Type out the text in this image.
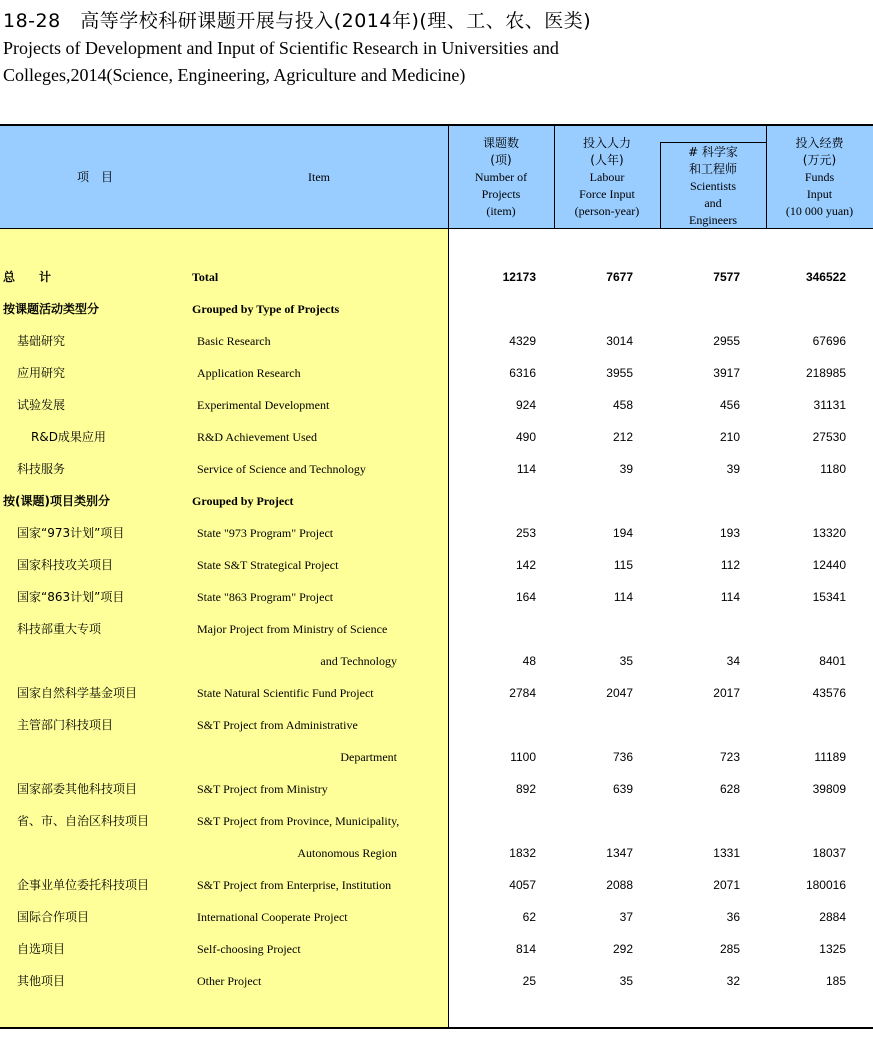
18-28　高等学校科研课题开展与投入(2014年)(理、工、农、医类)
Projects of Development and Input of Scientific Research in Universities and
Colleges,2014(Science, Engineering, Agriculture and Medicine)
项　目	Item
课题数
(项)
Number of
Projects
(item)
投入人力
(人年)
Labour
Force Input
(person-year)
# 科学家
和工程师
Scientists
and
Engineers
投入经费
(万元)
Funds
Input
(10 000 yuan)
总　　计	Total	12173	7677	7577	346522
按课题活动类型分	Grouped by Type of Projects
基础研究	Basic Research	4329	3014	2955	67696
应用研究	Application Research	6316	3955	3917	218985
试验发展	Experimental Development	924	458	456	31131
R&D成果应用	R&D Achievement Used	490	212	210	27530
科技服务	Service of Science and Technology	114	39	39	1180
按(课题)项目类别分	Grouped by Project
国家“973计划”项目	State "973 Program" Project	253	194	193	13320
国家科技攻关项目	State S&T Strategical Project	142	115	112	12440
国家“863计划”项目	State "863 Program" Project	164	114	114	15341
科技部重大专项	Major Project from Ministry of Science
and Technology	48	35	34	8401
国家自然科学基金项目	State Natural Scientific Fund Project	2784	2047	2017	43576
主管部门科技项目	S&T Project from Administrative
Department	1100	736	723	11189
国家部委其他科技项目	S&T Project from Ministry	892	639	628	39809
省、市、自治区科技项目	S&T Project from Province, Municipality,
Autonomous Region	1832	1347	1331	18037
企事业单位委托科技项目	S&T Project from Enterprise, Institution	4057	2088	2071	180016
国际合作项目	International Cooperate Project	62	37	36	2884
自选项目	Self-choosing Project	814	292	285	1325
其他项目	Other Project	25	35	32	185
